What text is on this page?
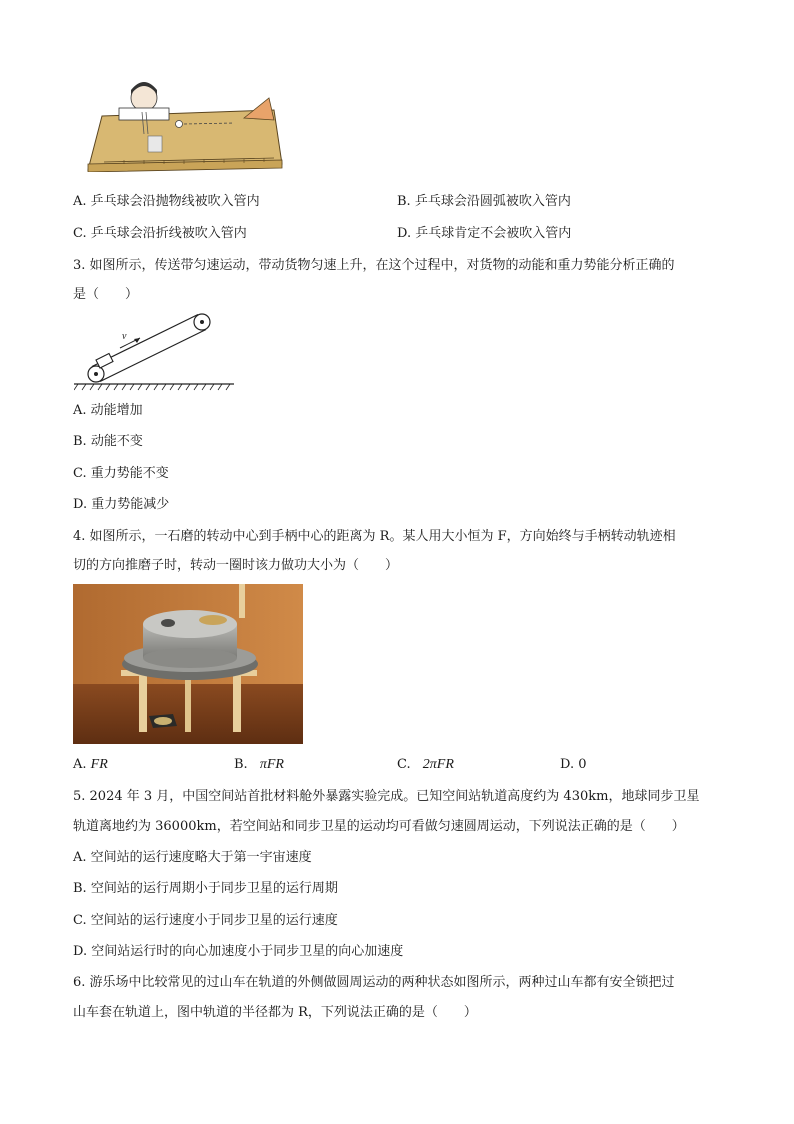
A. 乒乓球会沿抛物线被吹入管内	B. 乒乓球会沿圆弧被吹入管内
C. 乒乓球会沿折线被吹入管内	D. 乒乓球肯定不会被吹入管内
3. 如图所示，传送带匀速运动，带动货物匀速上升，在这个过程中，对货物的动能和重力势能分析正确的
是（　　）
v
A. 动能增加
B. 动能不变
C. 重力势能不变
D. 重力势能减少
4. 如图所示，一石磨的转动中心到手柄中心的距离为 R。某人用大小恒为 F，方向始终与手柄转动轨迹相
切的方向推磨子时，转动一圈时该力做功大小为（　　）
A. FR	B. πFR	C. 2πFR	D. 0
5. 2024 年 3 月，中国空间站首批材料舱外暴露实验完成。已知空间站轨道高度约为 430km，地球同步卫星
轨道离地约为 36000km，若空间站和同步卫星的运动均可看做匀速圆周运动，下列说法正确的是（　　）
A. 空间站的运行速度略大于第一宇宙速度
B. 空间站的运行周期小于同步卫星的运行周期
C. 空间站的运行速度小于同步卫星的运行速度
D. 空间站运行时的向心加速度小于同步卫星的向心加速度
6. 游乐场中比较常见的过山车在轨道的外侧做圆周运动的两种状态如图所示，两种过山车都有安全锁把过
山车套在轨道上，图中轨道的半径都为 R，下列说法正确的是（　　）
